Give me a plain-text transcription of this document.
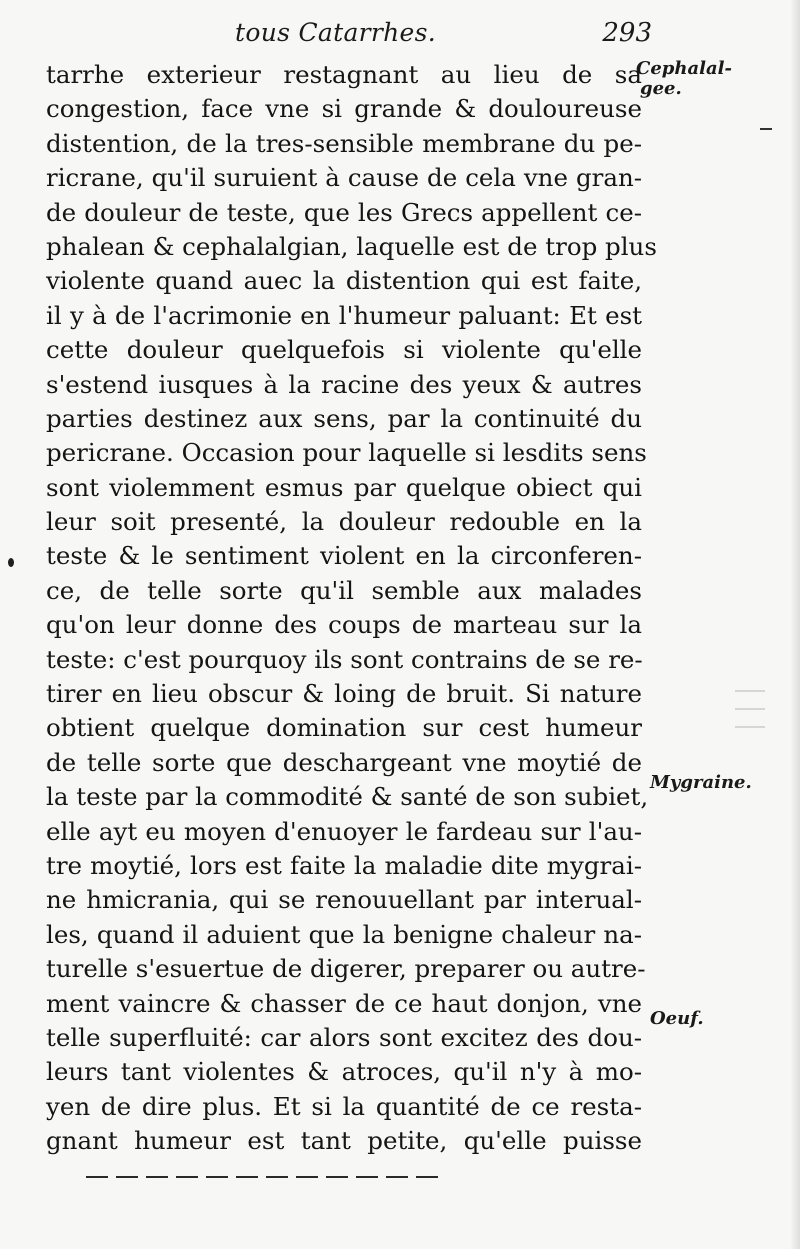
tous Catarrhes.	293
tarrhe exterieur restagnant au lieu de sa
congestion, face vne si grande & douloureuse
distention, de la tres-sensible membrane du pe-
ricrane, qu'il suruient à cause de cela vne gran-
de douleur de teste, que les Grecs appellent ce-
phalean & cephalalgian, laquelle est de trop plus
violente quand auec la distention qui est faite,
il y à de l'acrimonie en l'humeur paluant: Et est
cette douleur quelquefois si violente qu'elle
s'estend iusques à la racine des yeux & autres
parties destinez aux sens, par la continuité du
pericrane. Occasion pour laquelle si lesdits sens
sont violemment esmus par quelque obiect qui
leur soit presenté, la douleur redouble en la
teste & le sentiment violent en la circonferen-
ce, de telle sorte qu'il semble aux malades
qu'on leur donne des coups de marteau sur la
teste: c'est pourquoy ils sont contrains de se re-
tirer en lieu obscur & loing de bruit. Si nature
obtient quelque domination sur cest humeur
de telle sorte que deschargeant vne moytié de
la teste par la commodité & santé de son subiet,
elle ayt eu moyen d'enuoyer le fardeau sur l'au-
tre moytié, lors est faite la maladie dite mygrai-
ne hmicrania, qui se renouuellant par interual-
les, quand il aduient que la benigne chaleur na-
turelle s'esuertue de digerer, preparer ou autre-
ment vaincre & chasser de ce haut donjon, vne
telle superfluité: car alors sont excitez des dou-
leurs tant violentes & atroces, qu'il n'y à mo-
yen de dire plus. Et si la quantité de ce resta-
gnant humeur est tant petite, qu'elle puisse
Cephalal-
gee.
Mygraine.
Oeuf.
